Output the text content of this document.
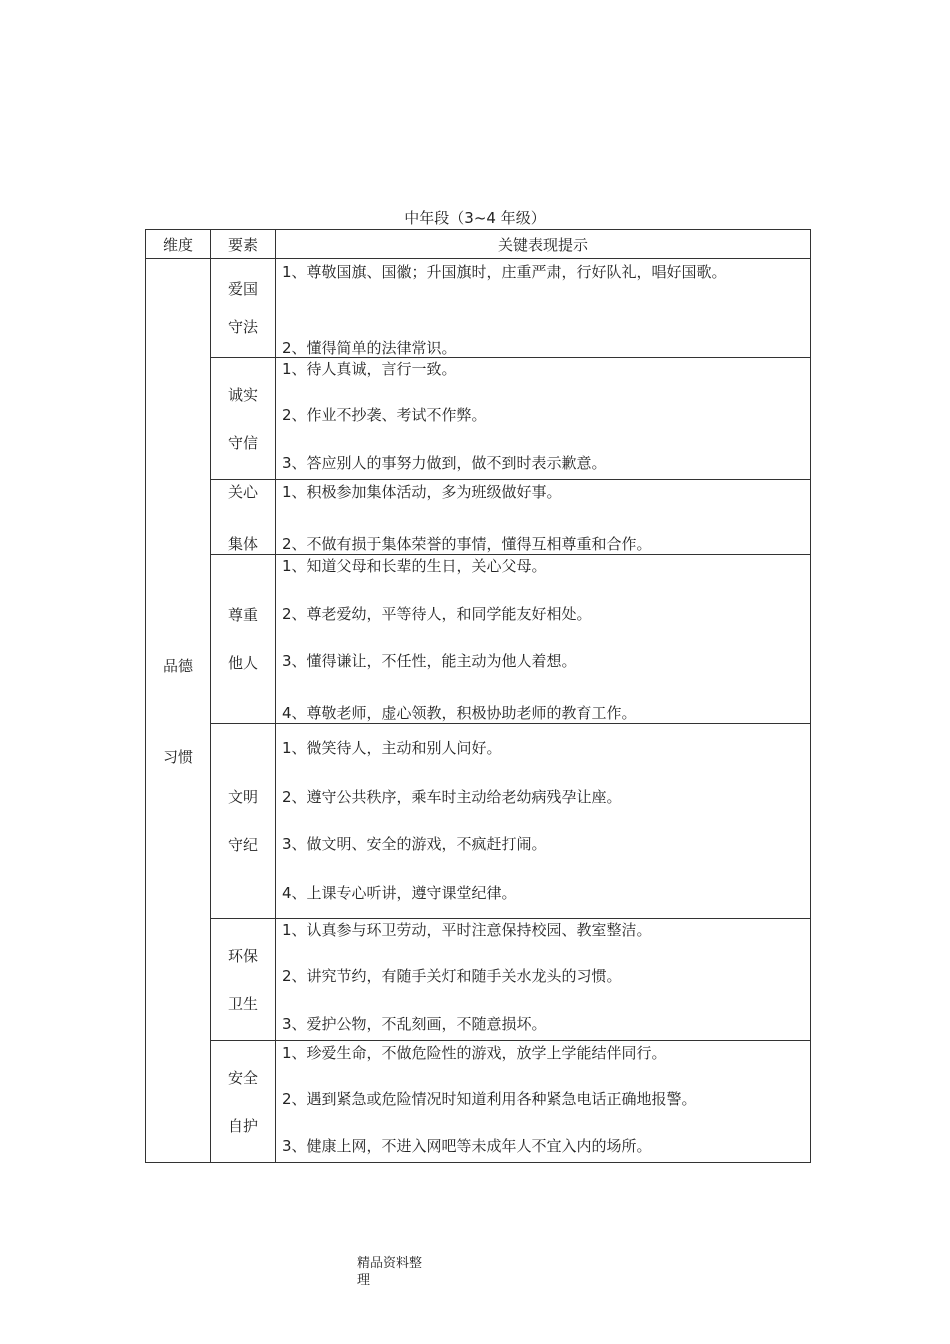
中年段（3~4 年级）
维度	要素	关键表现提示
品德
习惯
爱国
守法
1、尊敬国旗、国徽；升国旗时，庄重严肃，行好队礼，唱好国歌。
2、懂得简单的法律常识。
诚实
守信
1、待人真诚，言行一致。
2、作业不抄袭、考试不作弊。
3、答应别人的事努力做到，做不到时表示歉意。
关心
集体
1、积极参加集体活动，多为班级做好事。
2、不做有损于集体荣誉的事情，懂得互相尊重和合作。
尊重
他人
1、知道父母和长辈的生日，关心父母。
2、尊老爱幼，平等待人，和同学能友好相处。
3、懂得谦让，不任性，能主动为他人着想。
4、尊敬老师，虚心领教，积极协助老师的教育工作。
文明
守纪
1、微笑待人，主动和别人问好。
2、遵守公共秩序，乘车时主动给老幼病残孕让座。
3、做文明、安全的游戏，不疯赶打闹。
4、上课专心听讲，遵守课堂纪律。
环保
卫生
1、认真参与环卫劳动，平时注意保持校园、教室整洁。
2、讲究节约，有随手关灯和随手关水龙头的习惯。
3、爱护公物，不乱刻画，不随意损坏。
安全
自护
1、珍爱生命，不做危险性的游戏，放学上学能结伴同行。
2、遇到紧急或危险情况时知道利用各种紧急电话正确地报警。
3、健康上网，不进入网吧等未成年人不宜入内的场所。
精品资料整
理
